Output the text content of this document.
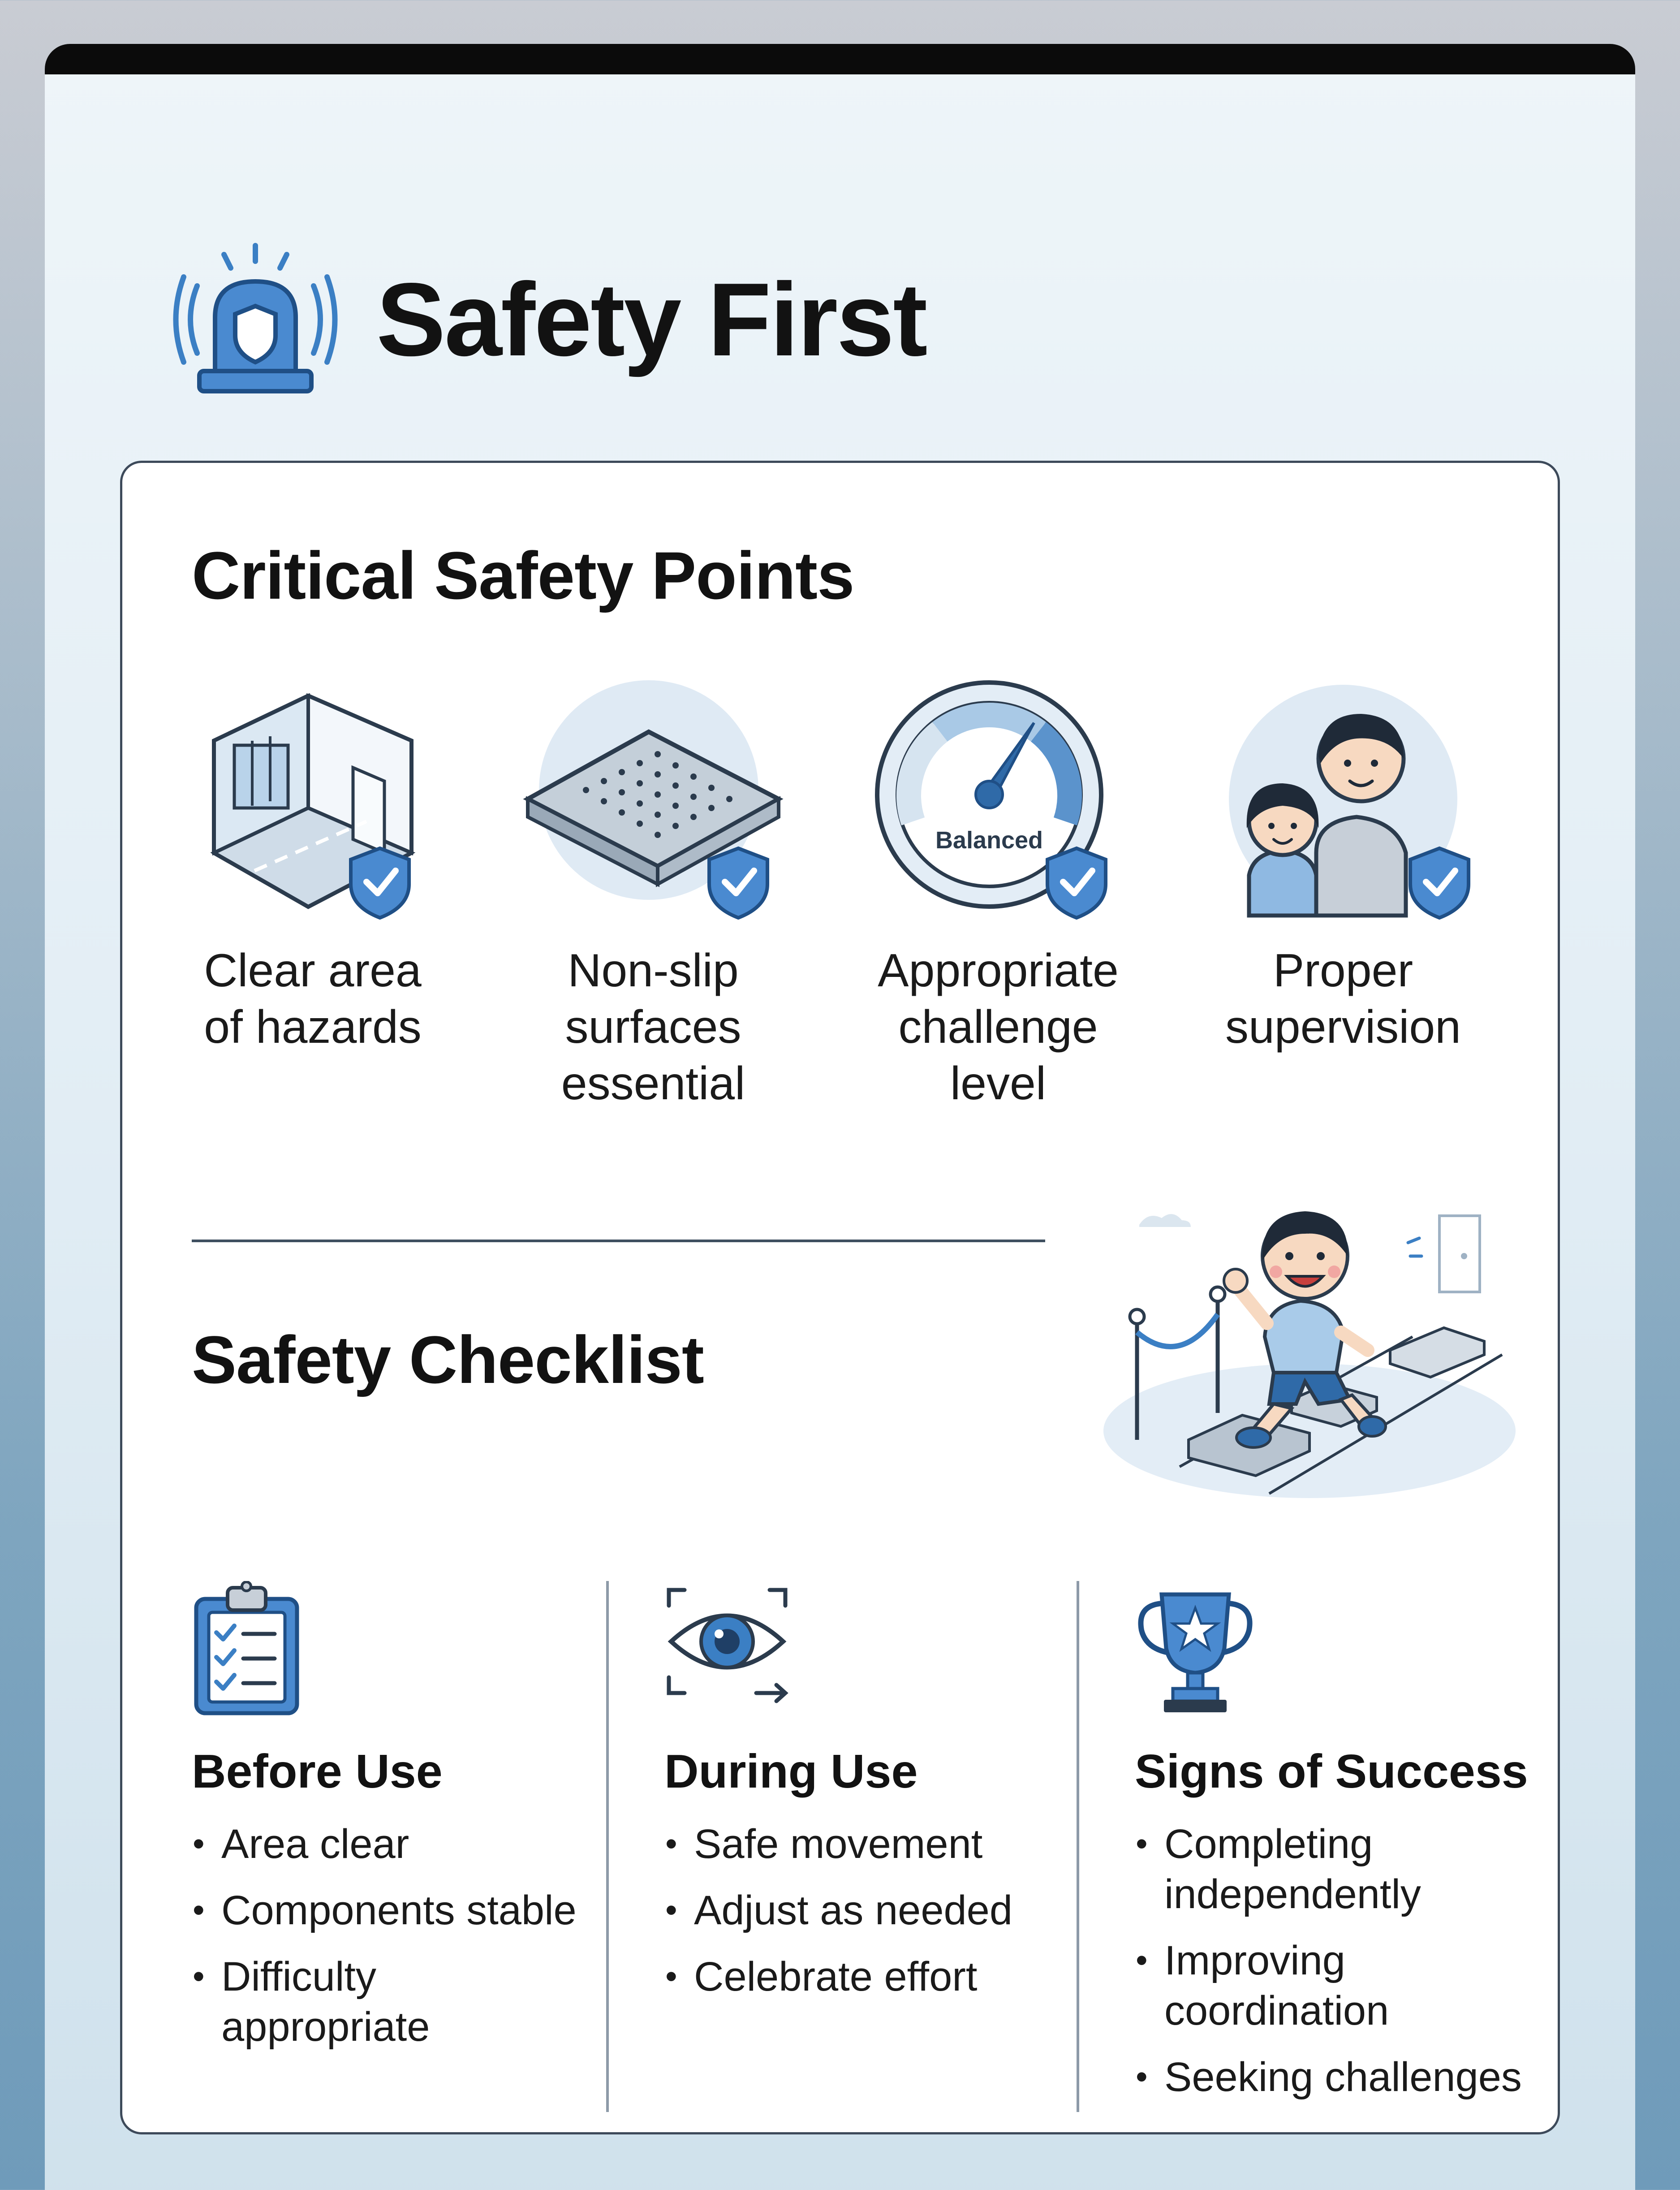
Safety First
Critical Safety Points
Clear area
of hazards
Non-slip
surfaces
essential
Balanced
Appropriate
challenge
level
Proper
supervision
Safety Checklist
Before Use
• Area clear
• Components stable
• Difficulty appropriate
During Use
• Safe movement
• Adjust as needed
• Celebrate effort
Signs of Success
• Completing independently
• Improving coordination
• Seeking challenges
